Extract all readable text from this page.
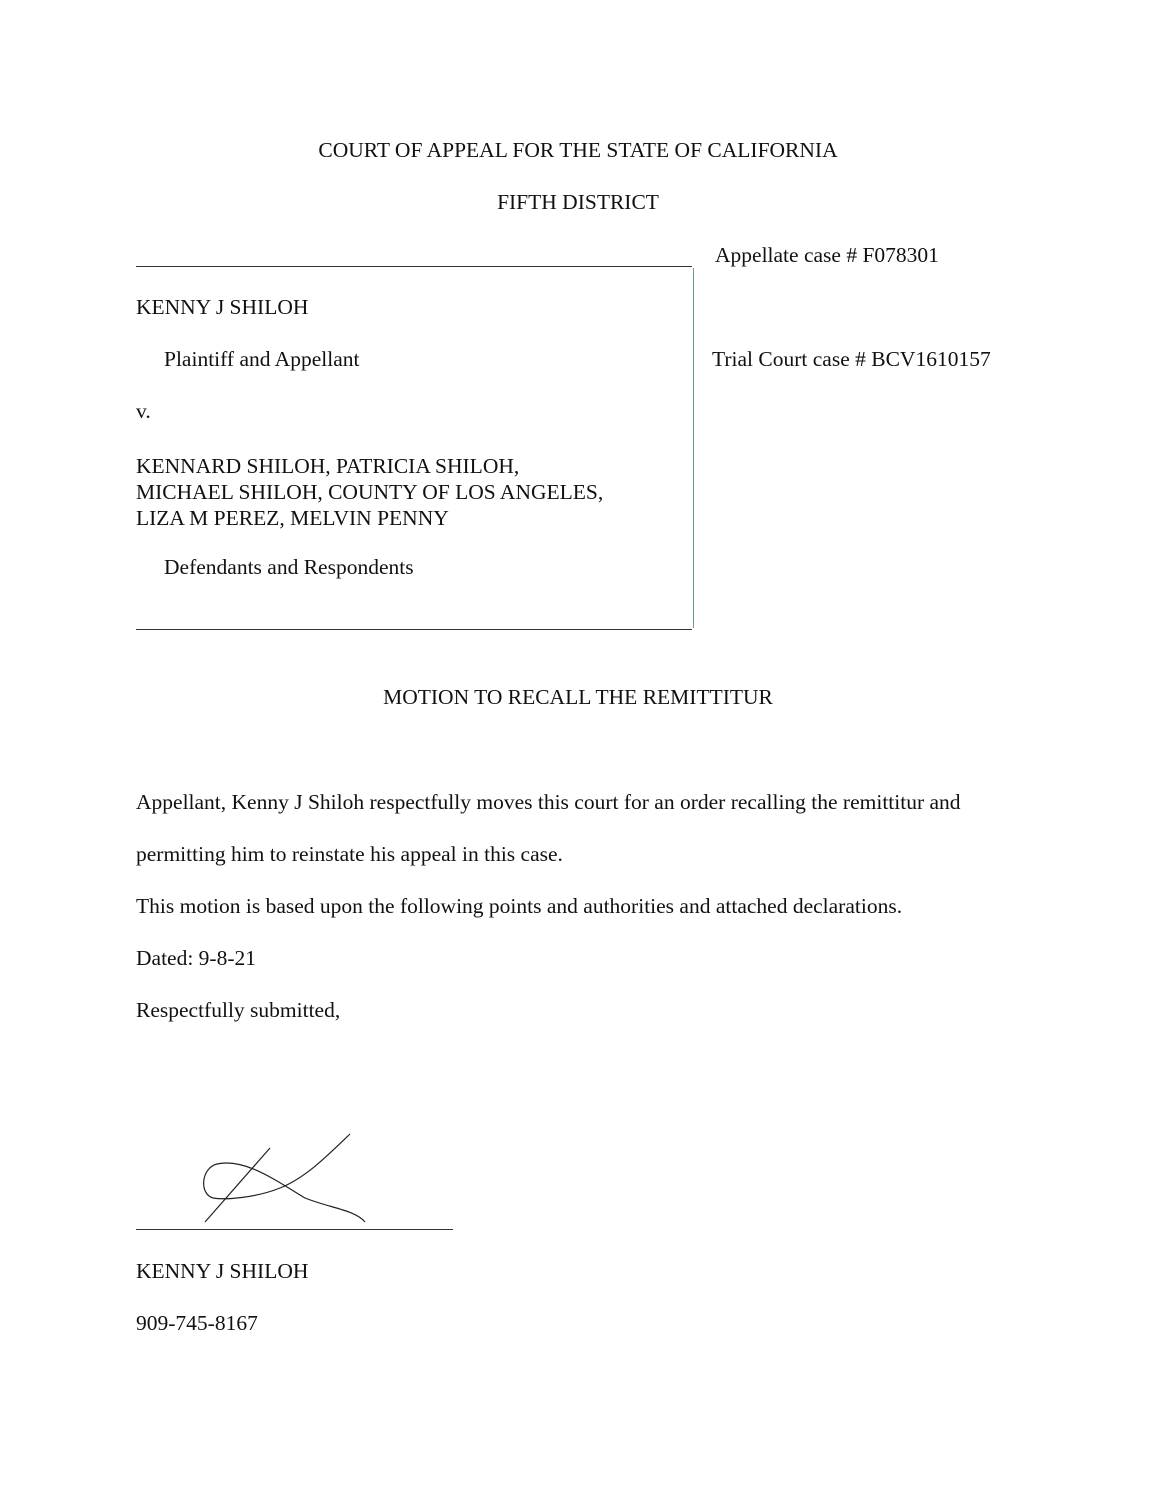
COURT OF APPEAL FOR THE STATE OF CALIFORNIA
FIFTH DISTRICT
Appellate case # F078301
Trial Court case # BCV1610157
KENNY J SHILOH
Plaintiff and Appellant
v.
KENNARD SHILOH, PATRICIA SHILOH,
MICHAEL SHILOH, COUNTY OF LOS ANGELES,
LIZA M PEREZ, MELVIN PENNY
Defendants and Respondents
MOTION TO RECALL THE REMITTITUR
Appellant, Kenny J Shiloh respectfully moves this court for an order recalling the remittitur and
permitting him to reinstate his appeal in this case.
This motion is based upon the following points and authorities and attached declarations.
Dated: 9-8-21
Respectfully submitted,
KENNY J SHILOH
909-745-8167
